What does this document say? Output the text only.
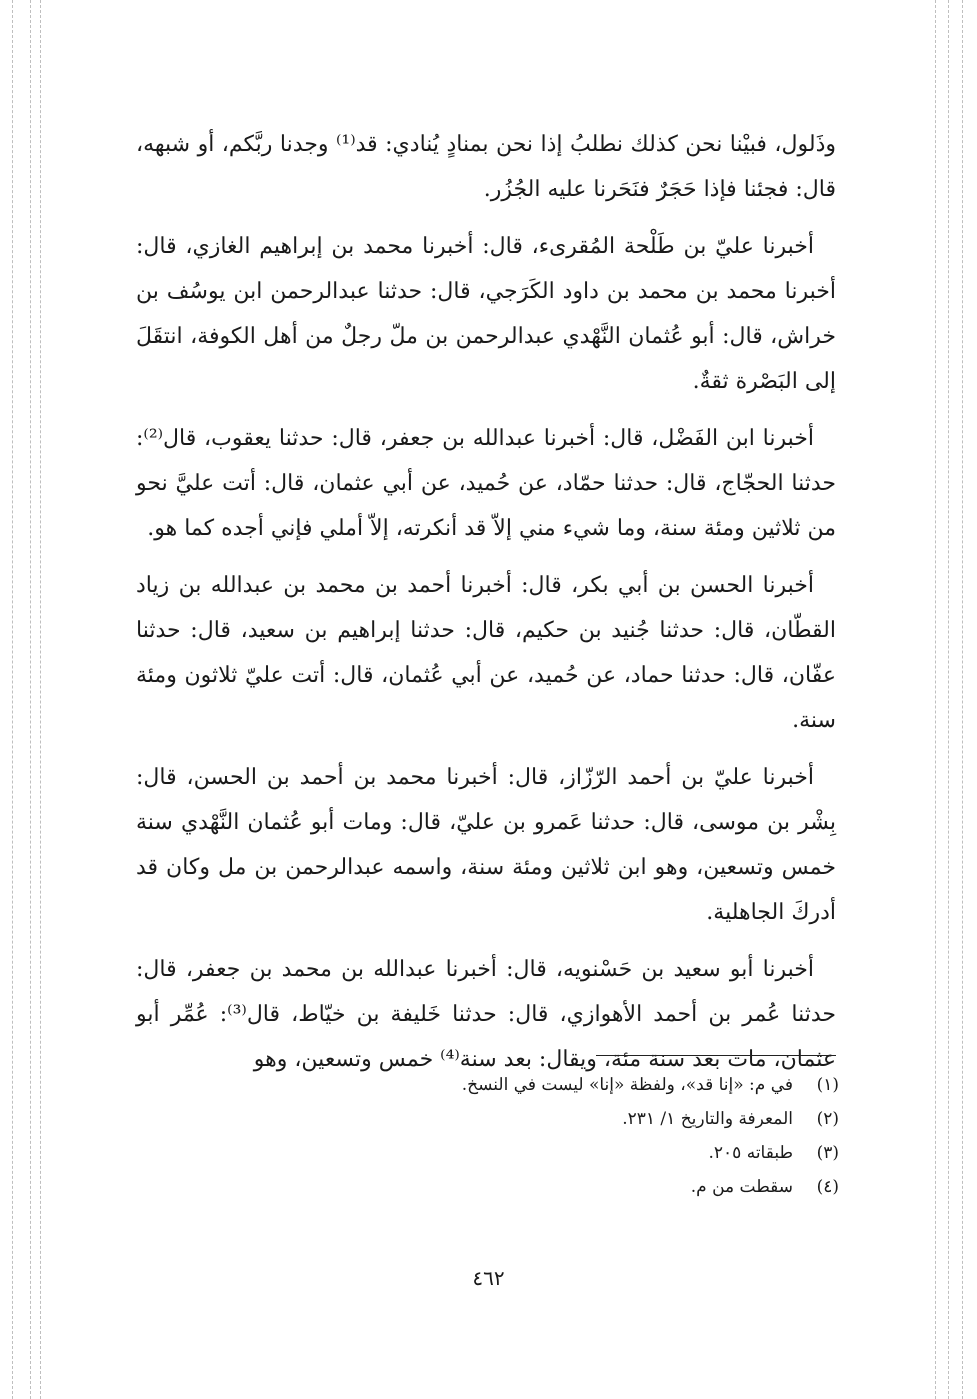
وذَلول، فبيْنا نحن كذلك نطلبُ إذا نحن بمنادٍ يُنادي: قد⁽¹⁾ وجدنا ربَّكم، أو شبهه، قال: فجئنا فإذا حَجَرٌ فنَحَرنا عليه الجُزُر.

أخبرنا عليّ بن طَلْحة المُقرىء، قال: أخبرنا محمد بن إبراهيم الغازي، قال: أخبرنا محمد بن محمد بن داود الكَرَجي، قال: حدثنا عبدالرحمن ابن يوسُف بن خراش، قال: أبو عُثمان النَّهْدي عبدالرحمن بن ملّ رجلٌ من أهل الكوفة، انتقَلَ إلى البَصْرة ثقةٌ.

أخبرنا ابن الفَضْل، قال: أخبرنا عبدالله بن جعفر، قال: حدثنا يعقوب، قال⁽²⁾: حدثنا الحجّاج، قال: حدثنا حمّاد، عن حُميد، عن أبي عثمان، قال: أتت عليَّ نحو من ثلاثين ومئة سنة، وما شيء مني إلاّ قد أنكرته، إلاّ أملي فإني أجده كما هو.

أخبرنا الحسن بن أبي بكر، قال: أخبرنا أحمد بن محمد بن عبدالله بن زياد القطّان، قال: حدثنا جُنيد بن حكيم، قال: حدثنا إبراهيم بن سعيد، قال: حدثنا عفّان، قال: حدثنا حماد، عن حُميد، عن أبي عُثمان، قال: أتت عليّ ثلاثون ومئة سنة.

أخبرنا عليّ بن أحمد الرّزّاز، قال: أخبرنا محمد بن أحمد بن الحسن، قال: بِشْر بن موسى، قال: حدثنا عَمرو بن عليّ، قال: ومات أبو عُثمان النَّهْدي سنة خمس وتسعين، وهو ابن ثلاثين ومئة سنة، واسمه عبدالرحمن بن مل وكان قد أدركَ الجاهلية.

أخبرنا أبو سعيد بن حَسْنويه، قال: أخبرنا عبدالله بن محمد بن جعفر، قال: حدثنا عُمر بن أحمد الأهوازي، قال: حدثنا خَليفة بن خيّاط، قال⁽³⁾: عُمِّر أبو عثمان، مات بعد سنة مئة، ويقال: بعد سنة⁽⁴⁾ خمس وتسعين، وهو

(١)
في م: «إنا قد»، ولفظة «إنا» ليست في النسخ.
(٢)
المعرفة والتاريخ ١/ ٢٣١.
(٣)
طبقاته ٢٠٥.
(٤)
سقطت من م.
٤٦٢
